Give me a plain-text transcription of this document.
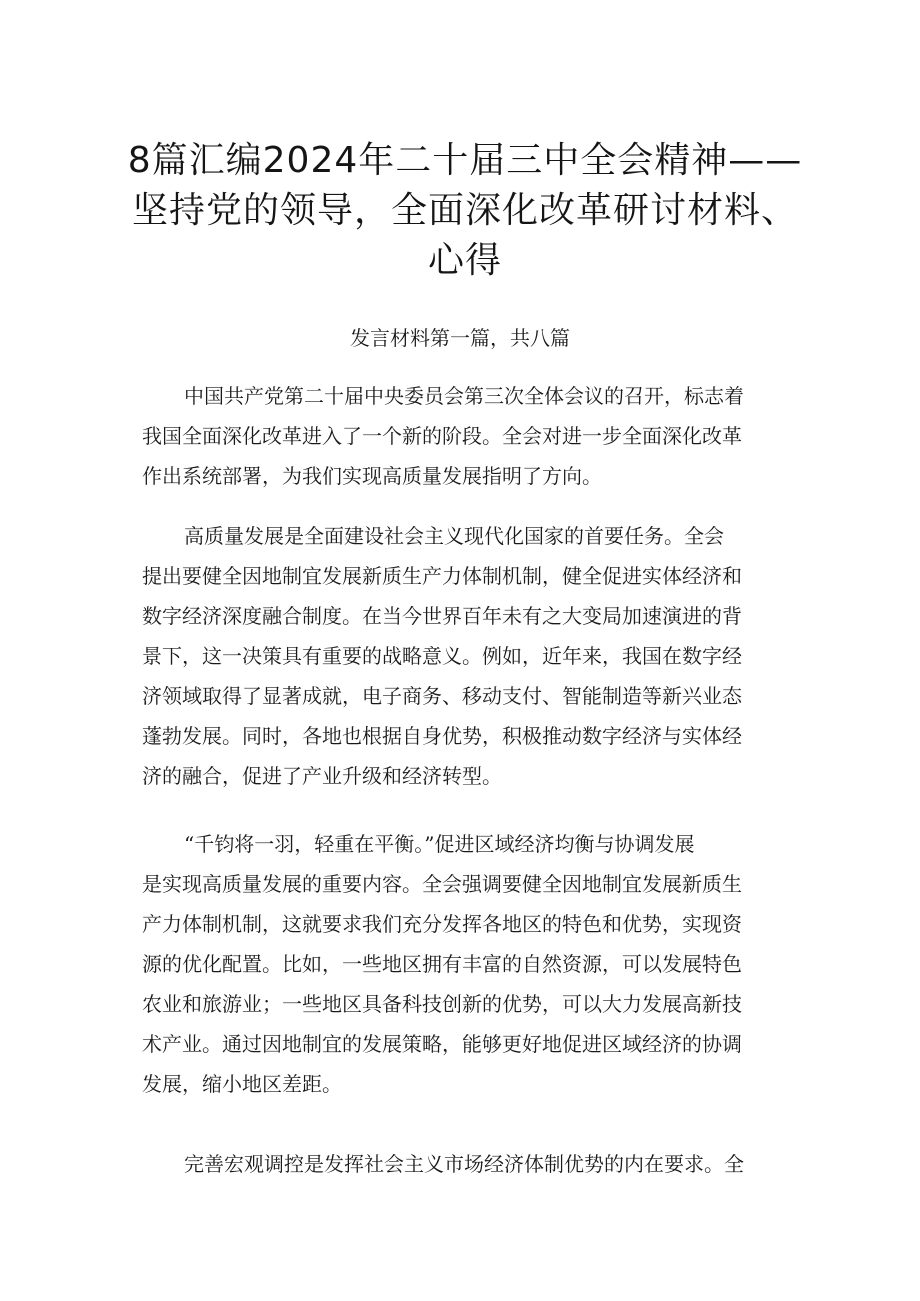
8篇汇编2024年二十届三中全会精神——
坚持党的领导，全面深化改革研讨材料、
心得
发言材料第一篇，共八篇
中国共产党第二十届中央委员会第三次全体会议的召开，标志着
我国全面深化改革进入了一个新的阶段。全会对进一步全面深化改革
作出系统部署，为我们实现高质量发展指明了方向。
高质量发展是全面建设社会主义现代化国家的首要任务。全会
提出要健全因地制宜发展新质生产力体制机制，健全促进实体经济和
数字经济深度融合制度。在当今世界百年未有之大变局加速演进的背
景下，这一决策具有重要的战略意义。例如，近年来，我国在数字经
济领域取得了显著成就，电子商务、移动支付、智能制造等新兴业态
蓬勃发展。同时，各地也根据自身优势，积极推动数字经济与实体经
济的融合，促进了产业升级和经济转型。
“千钧将一羽，轻重在平衡。”促进区域经济均衡与协调发展
是实现高质量发展的重要内容。全会强调要健全因地制宜发展新质生
产力体制机制，这就要求我们充分发挥各地区的特色和优势，实现资
源的优化配置。比如，一些地区拥有丰富的自然资源，可以发展特色
农业和旅游业；一些地区具备科技创新的优势，可以大力发展高新技
术产业。通过因地制宜的发展策略，能够更好地促进区域经济的协调
发展，缩小地区差距。
完善宏观调控是发挥社会主义市场经济体制优势的内在要求。全
